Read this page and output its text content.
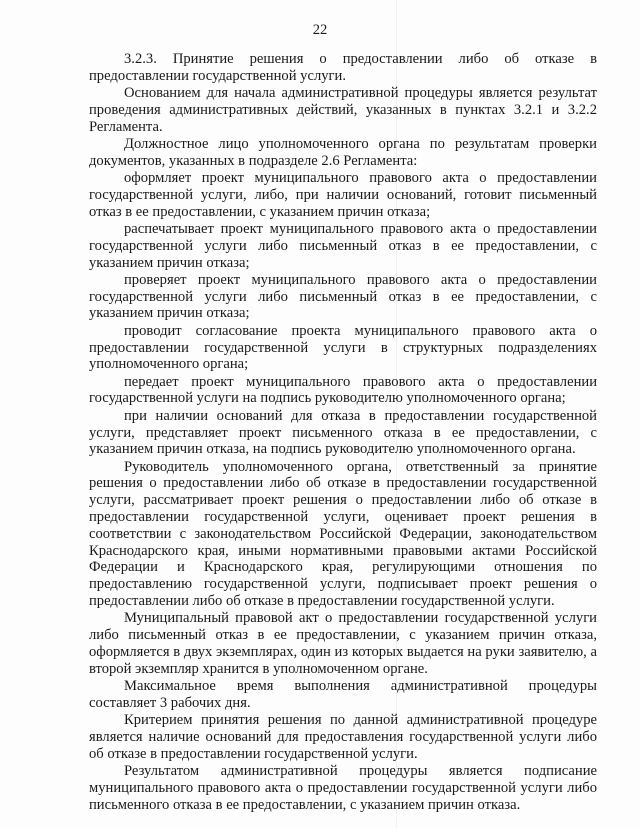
22

3.2.3. Принятие решения о предоставлении либо об отказе в предоставлении государственной услуги.

Основанием для начала административной процедуры является результат проведения административных действий, указанных в пунктах 3.2.1 и 3.2.2 Регламента.

Должностное лицо уполномоченного органа по результатам проверки документов, указанных в подразделе 2.6 Регламента:

оформляет проект муниципального правового акта о предоставлении государственной услуги, либо, при наличии оснований, готовит письменный отказ в ее предоставлении, с указанием причин отказа;

распечатывает проект муниципального правового акта о предоставлении государственной услуги либо письменный отказ в ее предоставлении, с указанием причин отказа;

проверяет проект муниципального правового акта о предоставлении государственной услуги либо письменный отказ в ее предоставлении, с указанием причин отказа;

проводит согласование проекта муниципального правового акта о предоставлении государственной услуги в структурных подразделениях уполномоченного органа;

передает проект муниципального правового акта о предоставлении государственной услуги на подпись руководителю уполномоченного органа;

при наличии оснований для отказа в предоставлении государственной услуги, представляет проект письменного отказа в ее предоставлении, с указанием причин отказа, на подпись руководителю уполномоченного органа.

Руководитель уполномоченного органа, ответственный за принятие решения о предоставлении либо об отказе в предоставлении государственной услуги, рассматривает проект решения о предоставлении либо об отказе в предоставлении государственной услуги, оценивает проект решения в соответствии с законодательством Российской Федерации, законодательством Краснодарского края, иными нормативными правовыми актами Российской Федерации и Краснодарского края, регулирующими отношения по предоставлению государственной услуги, подписывает проект решения о предоставлении либо об отказе в предоставлении государственной услуги.

Муниципальный правовой акт о предоставлении государственной услуги либо письменный отказ в ее предоставлении, с указанием причин отказа, оформляется в двух экземплярах, один из которых выдается на руки заявителю, а второй экземпляр хранится в уполномоченном органе.

Максимальное время выполнения административной процедуры составляет 3 рабочих дня.

Критерием принятия решения по данной административной процедуре является наличие оснований для предоставления государственной услуги либо об отказе в предоставлении государственной услуги.

Результатом административной процедуры является подписание муниципального правового акта о предоставлении государственной услуги либо письменного отказа в ее предоставлении, с указанием причин отказа.
